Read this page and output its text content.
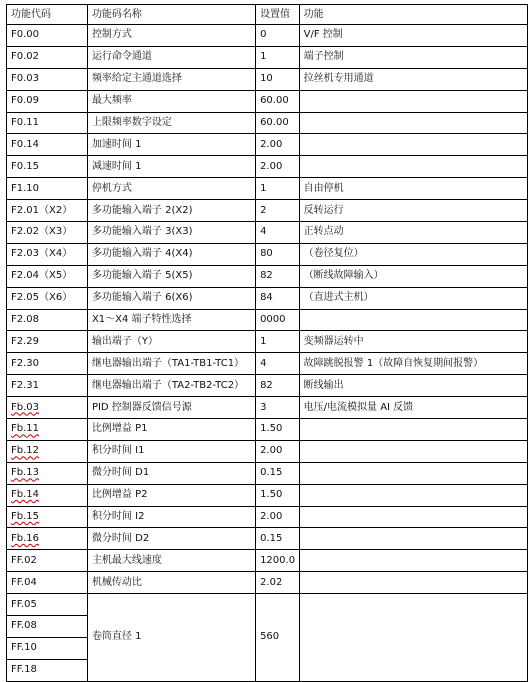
功能代码	功能码名称	设置值	功能
F0.00	控制方式	0	V/F 控制
F0.02	运行命令通道	1	端子控制
F0.03	频率给定主通道选择	10	拉丝机专用通道
F0.09	最大频率	60.00	
F0.11	上限频率数字设定	60.00	
F0.14	加速时间 1	2.00	
F0.15	减速时间 1	2.00	
F1.10	停机方式	1	自由停机
F2.01（X2）	多功能输入端子 2(X2)	2	反转运行
F2.02（X3）	多功能输入端子 3(X3)	4	正转点动
F2.03（X4）	多功能输入端子 4(X4)	80	（卷径复位）
F2.04（X5）	多功能输入端子 5(X5)	82	（断线故障输入）
F2.05（X6）	多功能输入端子 6(X6)	84	（直进式主机）
F2.08	X1～X4 端子特性选择	0000	
F2.29	输出端子（Y）	1	变频器运转中
F2.30	继电器输出端子（TA1-TB1-TC1）	4	故障跳脱报警 1（故障自恢复期间报警）
F2.31	继电器输出端子（TA2-TB2-TC2）	82	断线输出
Fb.03	PID 控制器反馈信号源	3	电压/电流模拟量 AI 反馈
Fb.11	比例增益 P1	1.50	
Fb.12	积分时间 I1	2.00	
Fb.13	微分时间 D1	0.15	
Fb.14	比例增益 P2	1.50	
Fb.15	积分时间 I2	2.00	
Fb.16	微分时间 D2	0.15	
FF.02	主机最大线速度	1200.0	
FF.04	机械传动比	2.02	
FF.05	卷筒直径 1	560	
FF.08			
FF.10			
FF.18			
